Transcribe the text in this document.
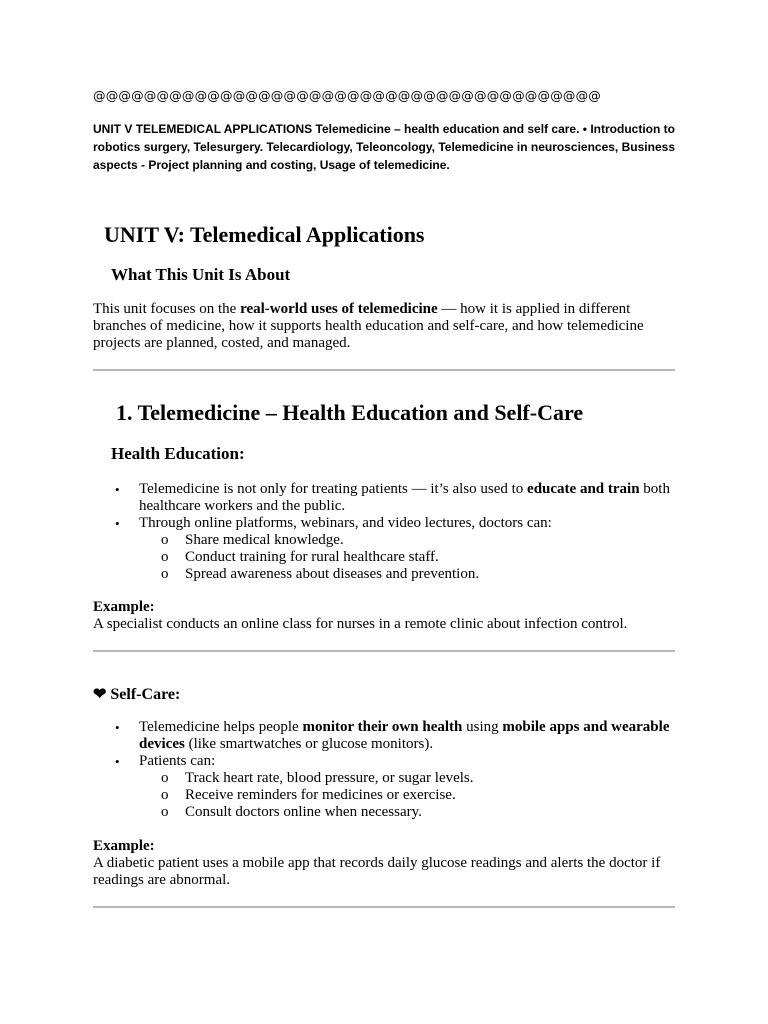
@@@@@@@@@@@@@@@@@@@@@@@@@@@@@@@@@@@@@@@@
UNIT V TELEMEDICAL APPLICATIONS Telemedicine – health education and self care. • Introduction to robotics surgery, Telesurgery. Telecardiology, Teleoncology, Telemedicine in neurosciences, Business aspects - Project planning and costing, Usage of telemedicine.
UNIT V: Telemedical Applications
What This Unit Is About
This unit focuses on the real-world uses of telemedicine — how it is applied in different branches of medicine, how it supports health education and self-care, and how telemedicine projects are planned, costed, and managed.
1. Telemedicine – Health Education and Self-Care
Health Education:
• Telemedicine is not only for treating patients — it’s also used to educate and train both healthcare workers and the public.
• Through online platforms, webinars, and video lectures, doctors can:
o Share medical knowledge.
o Conduct training for rural healthcare staff.
o Spread awareness about diseases and prevention.
Example:
A specialist conducts an online class for nurses in a remote clinic about infection control.
❤ Self-Care:
• Telemedicine helps people monitor their own health using mobile apps and wearable devices (like smartwatches or glucose monitors).
• Patients can:
o Track heart rate, blood pressure, or sugar levels.
o Receive reminders for medicines or exercise.
o Consult doctors online when necessary.
Example:
A diabetic patient uses a mobile app that records daily glucose readings and alerts the doctor if readings are abnormal.
